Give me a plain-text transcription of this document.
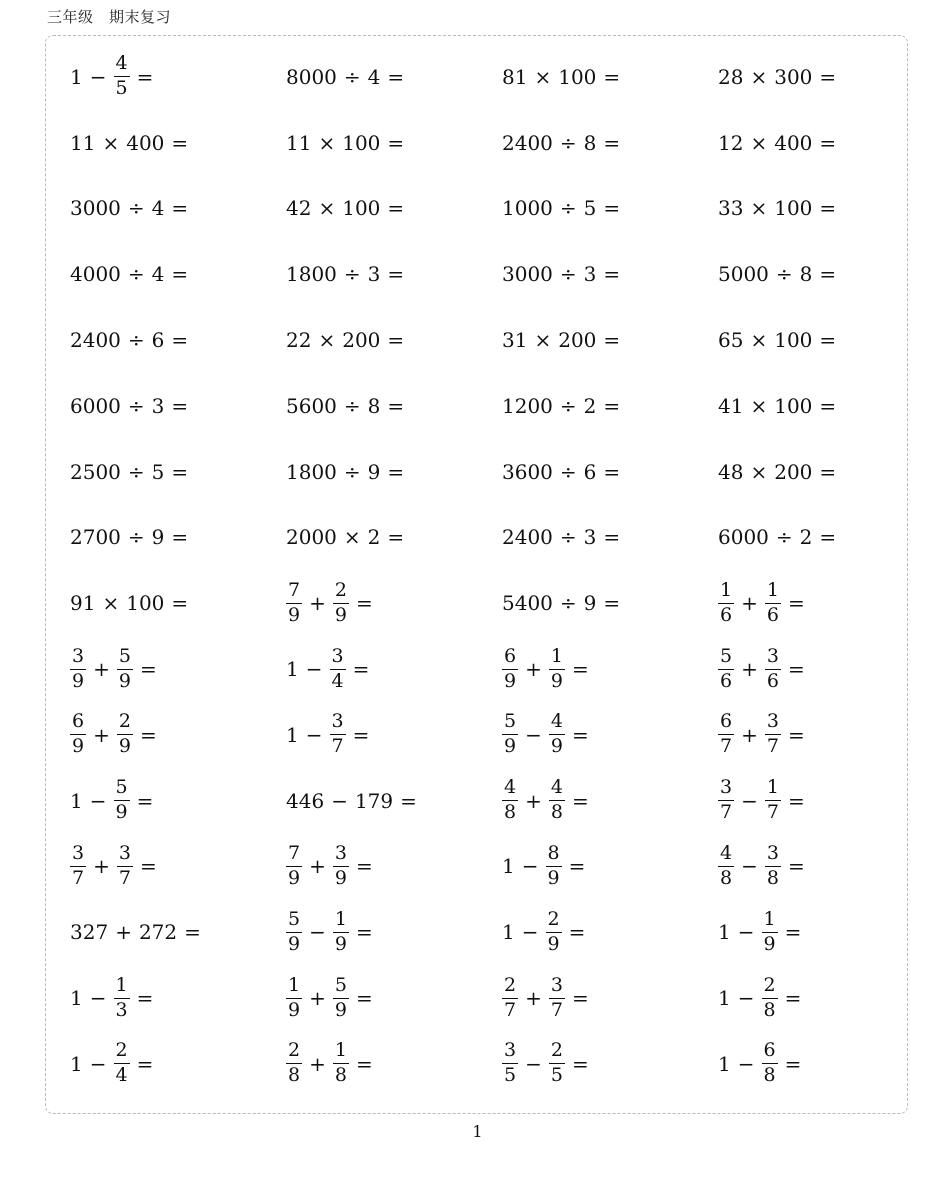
三年级　期末复习
$1 - \frac{4}{5}$ =	8000 ÷ 4 =	81 × 100 =	28 × 300 =
11 × 400 =	11 × 100 =	2400 ÷ 8 =	12 × 400 =
3000 ÷ 4 =	42 × 100 =	1000 ÷ 5 =	33 × 100 =
4000 ÷ 4 =	1800 ÷ 3 =	3000 ÷ 3 =	5000 ÷ 8 =
2400 ÷ 6 =	22 × 200 =	31 × 200 =	65 × 100 =
6000 ÷ 3 =	5600 ÷ 8 =	1200 ÷ 2 =	41 × 100 =
2500 ÷ 5 =	1800 ÷ 9 =	3600 ÷ 6 =	48 × 200 =
2700 ÷ 9 =	2000 × 2 =	2400 ÷ 3 =	6000 ÷ 2 =
91 × 100 =	$\frac{7}{9} + \frac{2}{9}$ =	5400 ÷ 9 =	$\frac{1}{6} + \frac{1}{6}$ =
$\frac{3}{9} + \frac{5}{9}$ =	$1 - \frac{3}{4}$ =	$\frac{6}{9} + \frac{1}{9}$ =	$\frac{5}{6} + \frac{3}{6}$ =
$\frac{6}{9} + \frac{2}{9}$ =	$1 - \frac{3}{7}$ =	$\frac{5}{9} - \frac{4}{9}$ =	$\frac{6}{7} + \frac{3}{7}$ =
$1 - \frac{5}{9}$ =	446 − 179 =	$\frac{4}{8} + \frac{4}{8}$ =	$\frac{3}{7} - \frac{1}{7}$ =
$\frac{3}{7} + \frac{3}{7}$ =	$\frac{7}{9} + \frac{3}{9}$ =	$1 - \frac{8}{9}$ =	$\frac{4}{8} - \frac{3}{8}$ =
327 + 272 =	$\frac{5}{9} - \frac{1}{9}$ =	$1 - \frac{2}{9}$ =	$1 - \frac{1}{9}$ =
$1 - \frac{1}{3}$ =	$\frac{1}{9} + \frac{5}{9}$ =	$\frac{2}{7} + \frac{3}{7}$ =	$1 - \frac{2}{8}$ =
$1 - \frac{2}{4}$ =	$\frac{2}{8} + \frac{1}{8}$ =	$\frac{3}{5} - \frac{2}{5}$ =	$1 - \frac{6}{8}$ =
1
